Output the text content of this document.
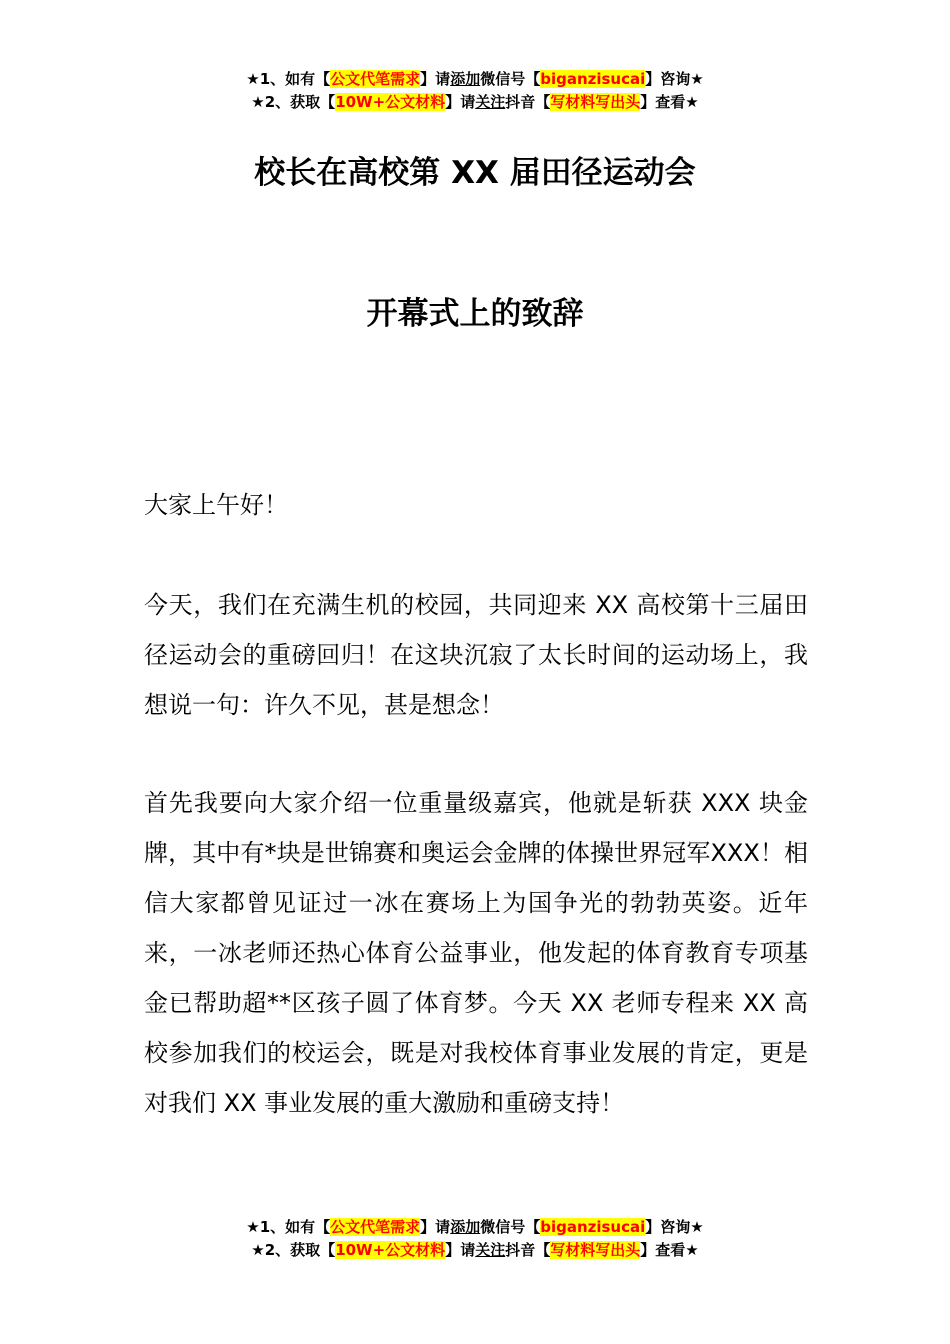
★1、如有【公文代笔需求】请添加微信号【biganzisucai】咨询★
★2、获取【10W+公文材料】请关注抖音【写材料写出头】查看★
校长在高校第 XX 届田径运动会
开幕式上的致辞

大家上午好！

今天，我们在充满生机的校园，共同迎来 XX 高校第十三届田径运动会的重磅回归！在这块沉寂了太长时间的运动场上，我想说一句：许久不见，甚是想念！

首先我要向大家介绍一位重量级嘉宾，他就是斩获 XXX 块金牌，其中有*块是世锦赛和奥运会金牌的体操世界冠军XXX！相信大家都曾见证过一冰在赛场上为国争光的勃勃英姿。近年来，一冰老师还热心体育公益事业，他发起的体育教育专项基金已帮助超**区孩子圆了体育梦。今天 XX 老师专程来 XX 高校参加我们的校运会，既是对我校体育事业发展的肯定，更是对我们 XX 事业发展的重大激励和重磅支持！

★1、如有【公文代笔需求】请添加微信号【biganzisucai】咨询★
★2、获取【10W+公文材料】请关注抖音【写材料写出头】查看★
